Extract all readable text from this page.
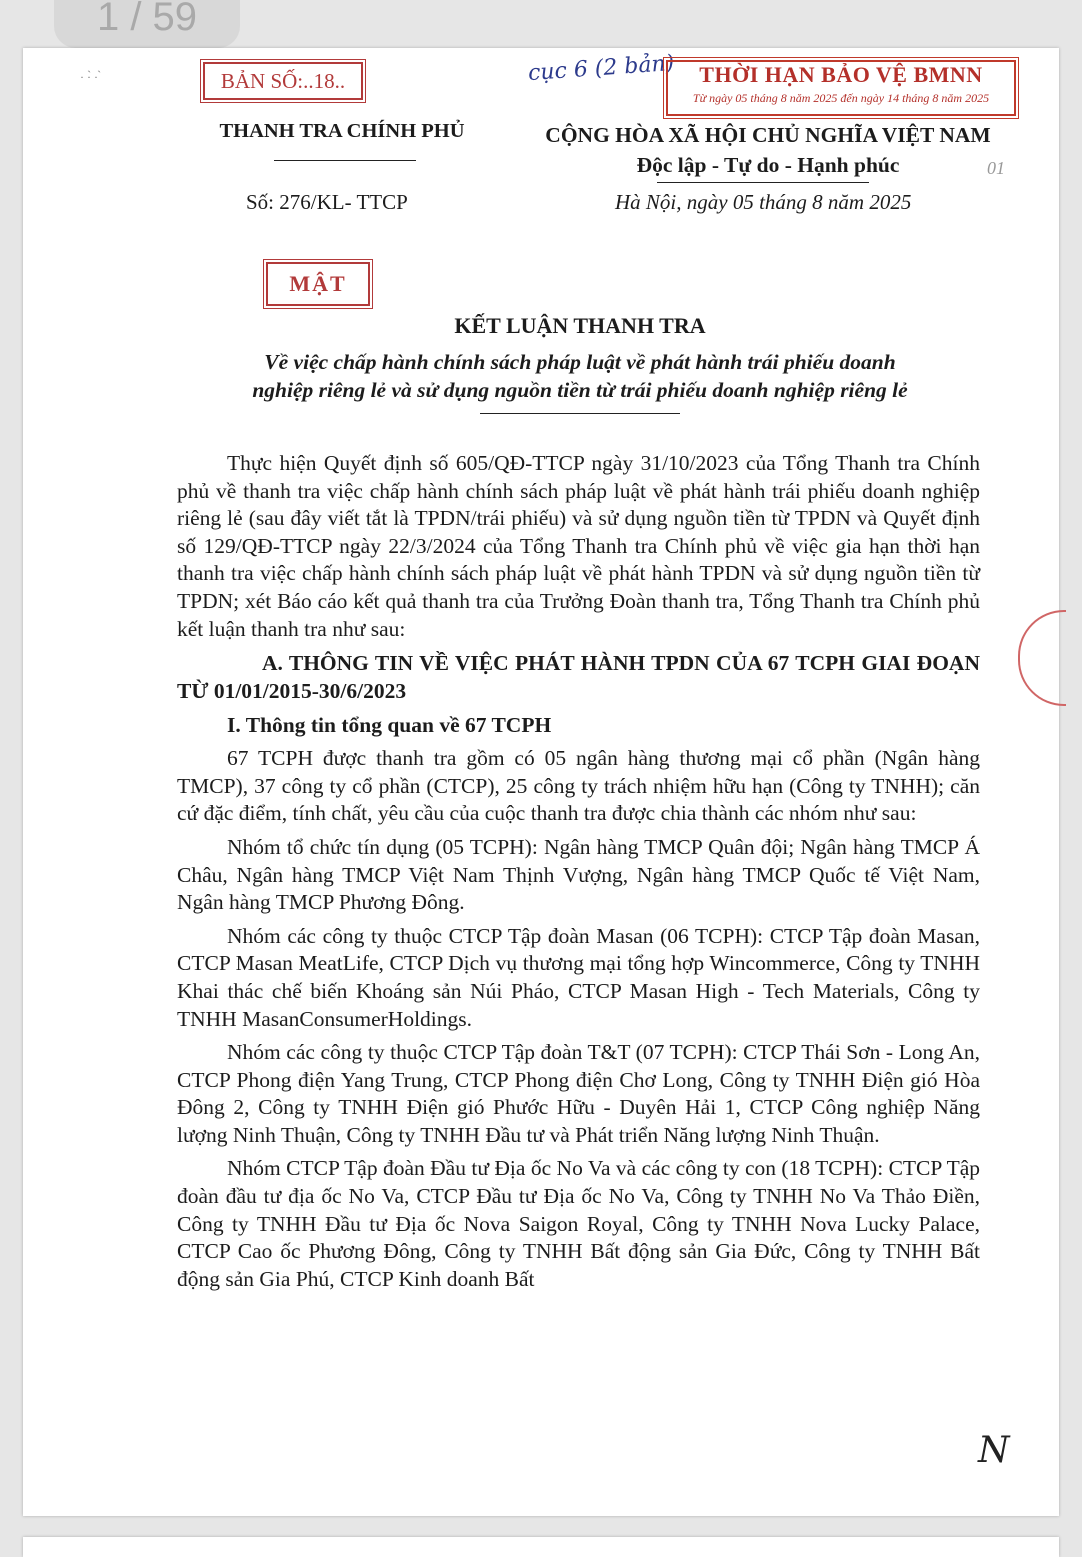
1 / 59
· ·̀ · ̀	BẢN SỐ:..18..	cục 6 (2 bản)	THỜI HẠN BẢO VỆ BMNN
Từ ngày 05 tháng 8 năm 2025 đến ngày 14 tháng 8 năm 2025
THANH TRA CHÍNH PHỦ	CỘNG HÒA XÃ HỘI CHỦ NGHĨA VIỆT NAM
Độc lập - Tự do - Hạnh phúc	01
Số: 276/KL- TTCP	Hà Nội, ngày 05 tháng 8 năm 2025
MẬT
KẾT LUẬN THANH TRA
Về việc chấp hành chính sách pháp luật về phát hành trái phiếu doanh
nghiệp riêng lẻ và sử dụng nguồn tiền từ trái phiếu doanh nghiệp riêng lẻ

Thực hiện Quyết định số 605/QĐ-TTCP ngày 31/10/2023 của Tổng Thanh tra Chính phủ về thanh tra việc chấp hành chính sách pháp luật về phát hành trái phiếu doanh nghiệp riêng lẻ (sau đây viết tắt là TPDN/trái phiếu) và sử dụng nguồn tiền từ TPDN và Quyết định số 129/QĐ-TTCP ngày 22/3/2024 của Tổng Thanh tra Chính phủ về việc gia hạn thời hạn thanh tra việc chấp hành chính sách pháp luật về phát hành TPDN và sử dụng nguồn tiền từ TPDN; xét Báo cáo kết quả thanh tra của Trưởng Đoàn thanh tra, Tổng Thanh tra Chính phủ kết luận thanh tra như sau:

A. THÔNG TIN VỀ VIỆC PHÁT HÀNH TPDN CỦA 67 TCPH GIAI ĐOẠN TỪ 01/01/2015-30/6/2023
I. Thông tin tổng quan về 67 TCPH

67 TCPH được thanh tra gồm có 05 ngân hàng thương mại cổ phần (Ngân hàng TMCP), 37 công ty cổ phần (CTCP), 25 công ty trách nhiệm hữu hạn (Công ty TNHH); căn cứ đặc điểm, tính chất, yêu cầu của cuộc thanh tra được chia thành các nhóm như sau:

Nhóm tổ chức tín dụng (05 TCPH): Ngân hàng TMCP Quân đội; Ngân hàng TMCP Á Châu, Ngân hàng TMCP Việt Nam Thịnh Vượng, Ngân hàng TMCP Quốc tế Việt Nam, Ngân hàng TMCP Phương Đông.

Nhóm các công ty thuộc CTCP Tập đoàn Masan (06 TCPH): CTCP Tập đoàn Masan, CTCP Masan MeatLife, CTCP Dịch vụ thương mại tổng hợp Wincommerce, Công ty TNHH Khai thác chế biến Khoáng sản Núi Pháo, CTCP Masan High - Tech Materials, Công ty TNHH MasanConsumerHoldings.

Nhóm các công ty thuộc CTCP Tập đoàn T&T (07 TCPH): CTCP Thái Sơn - Long An, CTCP Phong điện Yang Trung, CTCP Phong điện Chơ Long, Công ty TNHH Điện gió Hòa Đông 2, Công ty TNHH Điện gió Phước Hữu - Duyên Hải 1, CTCP Công nghiệp Năng lượng Ninh Thuận, Công ty TNHH Đầu tư và Phát triển Năng lượng Ninh Thuận.

Nhóm CTCP Tập đoàn Đầu tư Địa ốc No Va và các công ty con (18 TCPH): CTCP Tập đoàn đầu tư địa ốc No Va, CTCP Đầu tư Địa ốc No Va, Công ty TNHH No Va Thảo Điền, Công ty TNHH Đầu tư Địa ốc Nova Saigon Royal, Công ty TNHH Nova Lucky Palace, CTCP Cao ốc Phương Đông, Công ty TNHH Bất động sản Gia Đức, Công ty TNHH Bất động sản Gia Phú, CTCP Kinh doanh Bất

N
